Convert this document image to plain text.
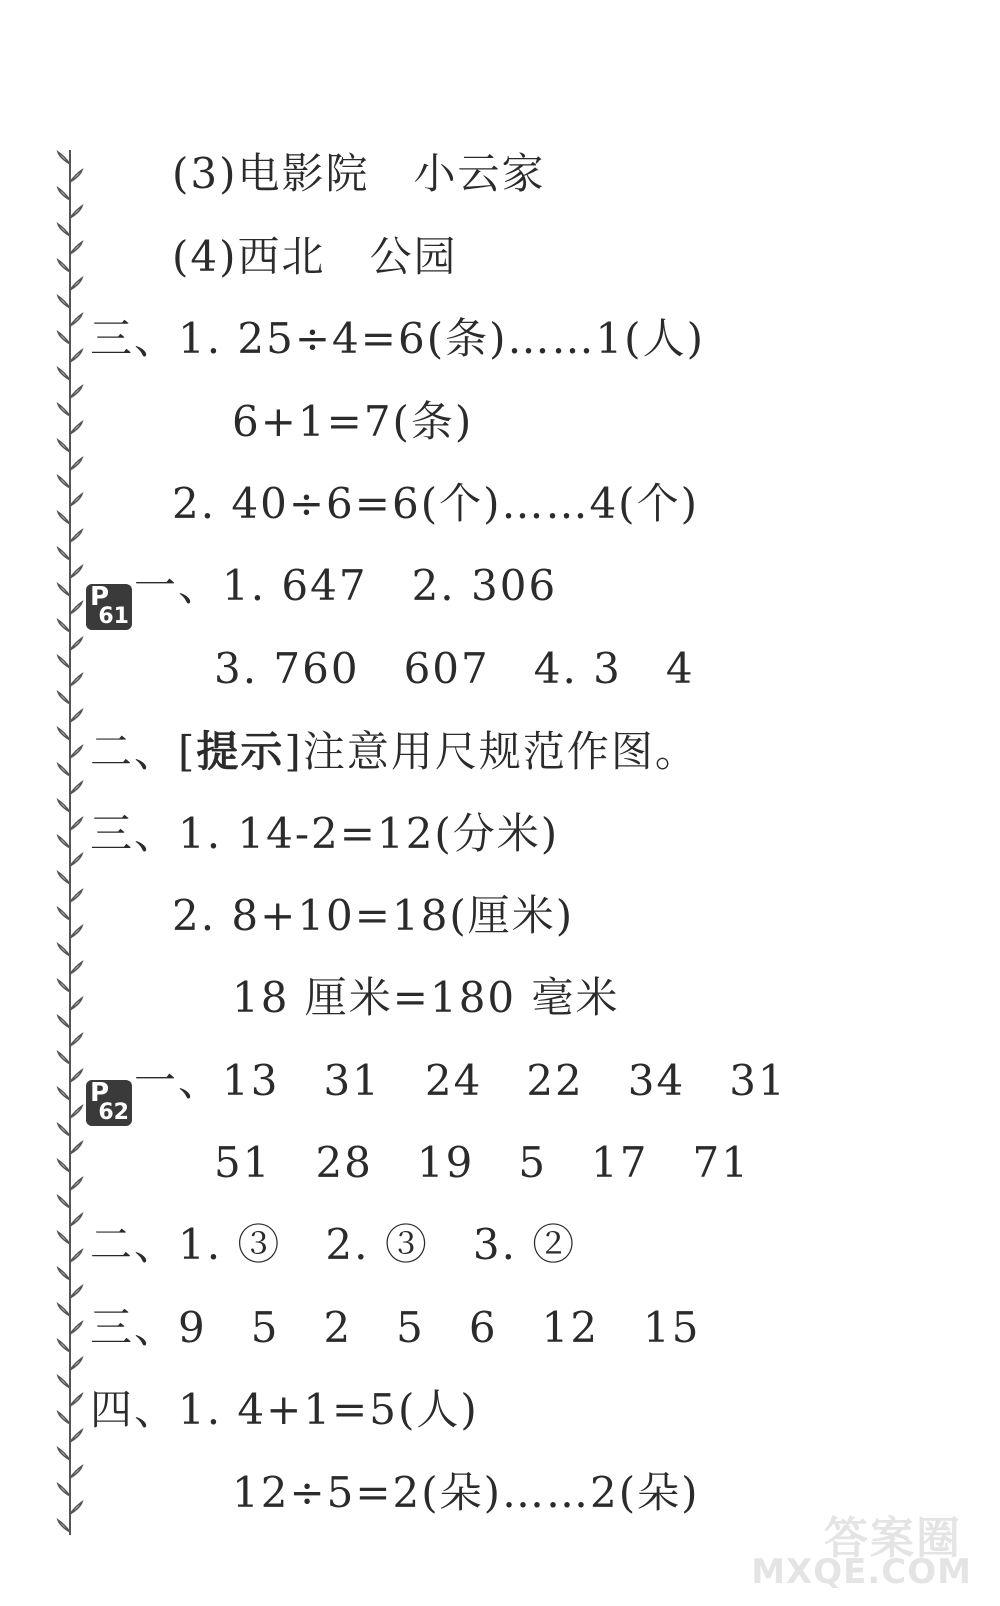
(3)电影院　小云家
(4)西北　公园
三、1. 25÷4=6(条)……1(人)
6+1=7(条)
2. 40÷6=6(个)……4(个)
P
61
一、1. 647　2. 306
3. 760　607　4. 3　4
二、[提示]注意用尺规范作图。
三、1. 14-2=12(分米)
2. 8+10=18(厘米)
18 厘米=180 毫米
P
62
一、13　31　24　22　34　31
51　28　19　5　17　71
二、1. ③　2. ③　3. ②
三、9　5　2　5　6　12　15
四、1. 4+1=5(人)
12÷5=2(朵)……2(朵)
答案圈
MXQE.COM
